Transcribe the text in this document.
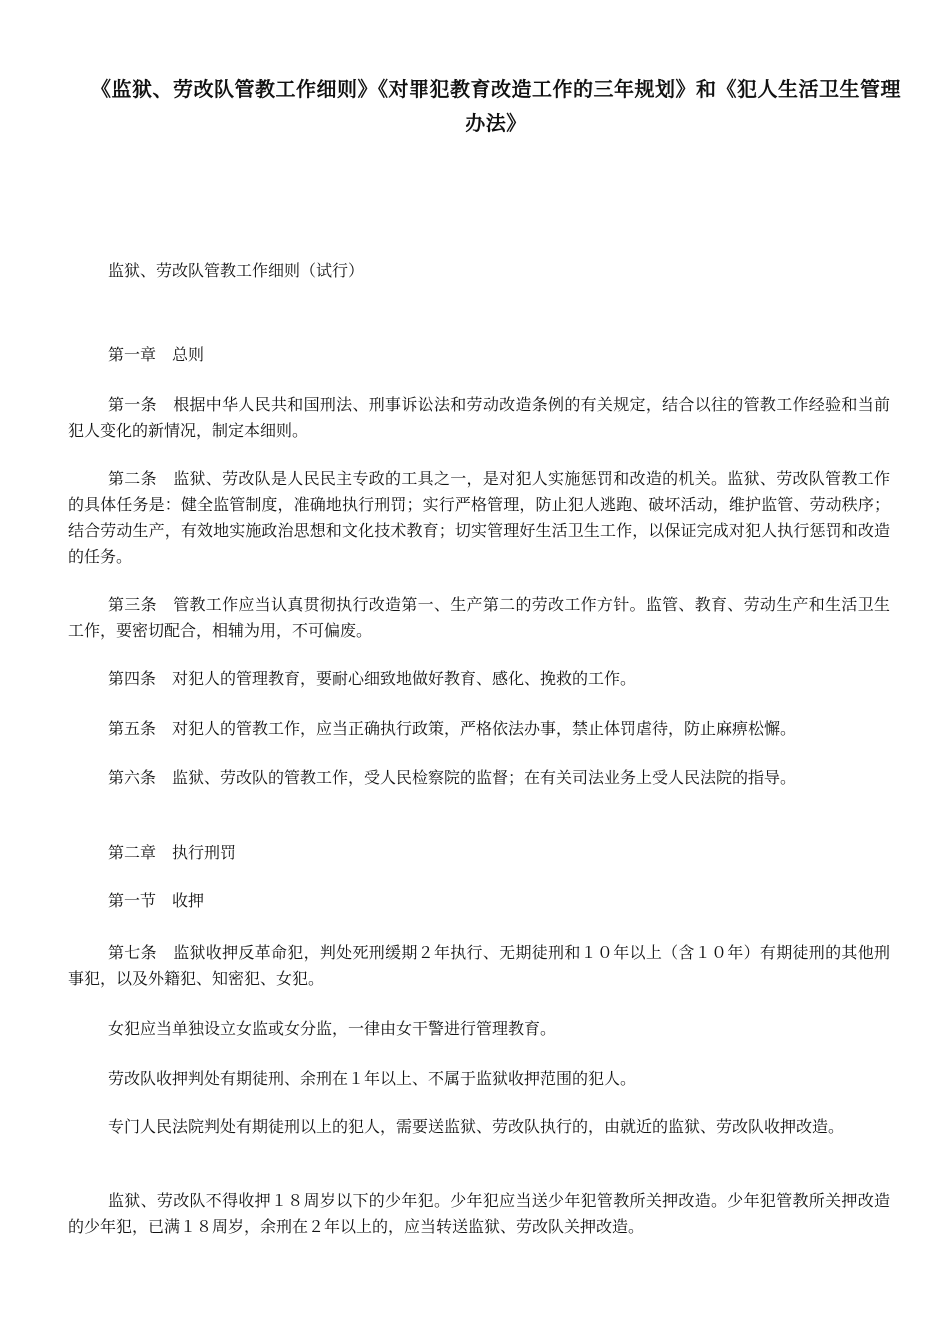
《监狱、劳改队管教工作细则》《对罪犯教育改造工作的三年规划》和《犯人生活卫生管理办法》
监狱、劳改队管教工作细则（试行）
第一章　总则

第一条　根据中华人民共和国刑法、刑事诉讼法和劳动改造条例的有关规定，结合以往的管教工作经验和当前犯人变化的新情况，制定本细则。

第二条　监狱、劳改队是人民民主专政的工具之一，是对犯人实施惩罚和改造的机关。监狱、劳改队管教工作的具体任务是：健全监管制度，准确地执行刑罚；实行严格管理，防止犯人逃跑、破坏活动，维护监管、劳动秩序；结合劳动生产，有效地实施政治思想和文化技术教育；切实管理好生活卫生工作，以保证完成对犯人执行惩罚和改造的任务。

第三条　管教工作应当认真贯彻执行改造第一、生产第二的劳改工作方针。监管、教育、劳动生产和生活卫生工作，要密切配合，相辅为用，不可偏废。

第四条　对犯人的管理教育，要耐心细致地做好教育、感化、挽救的工作。

第五条　对犯人的管教工作，应当正确执行政策，严格依法办事，禁止体罚虐待，防止麻痹松懈。

第六条　监狱、劳改队的管教工作，受人民检察院的监督；在有关司法业务上受人民法院的指导。

第二章　执行刑罚
第一节　收押

第七条　监狱收押反革命犯，判处死刑缓期２年执行、无期徒刑和１０年以上（含１０年）有期徒刑的其他刑事犯，以及外籍犯、知密犯、女犯。

女犯应当单独设立女监或女分监，一律由女干警进行管理教育。

劳改队收押判处有期徒刑、余刑在１年以上、不属于监狱收押范围的犯人。

专门人民法院判处有期徒刑以上的犯人，需要送监狱、劳改队执行的，由就近的监狱、劳改队收押改造。

监狱、劳改队不得收押１８周岁以下的少年犯。少年犯应当送少年犯管教所关押改造。少年犯管教所关押改造的少年犯，已满１８周岁，余刑在２年以上的，应当转送监狱、劳改队关押改造。
